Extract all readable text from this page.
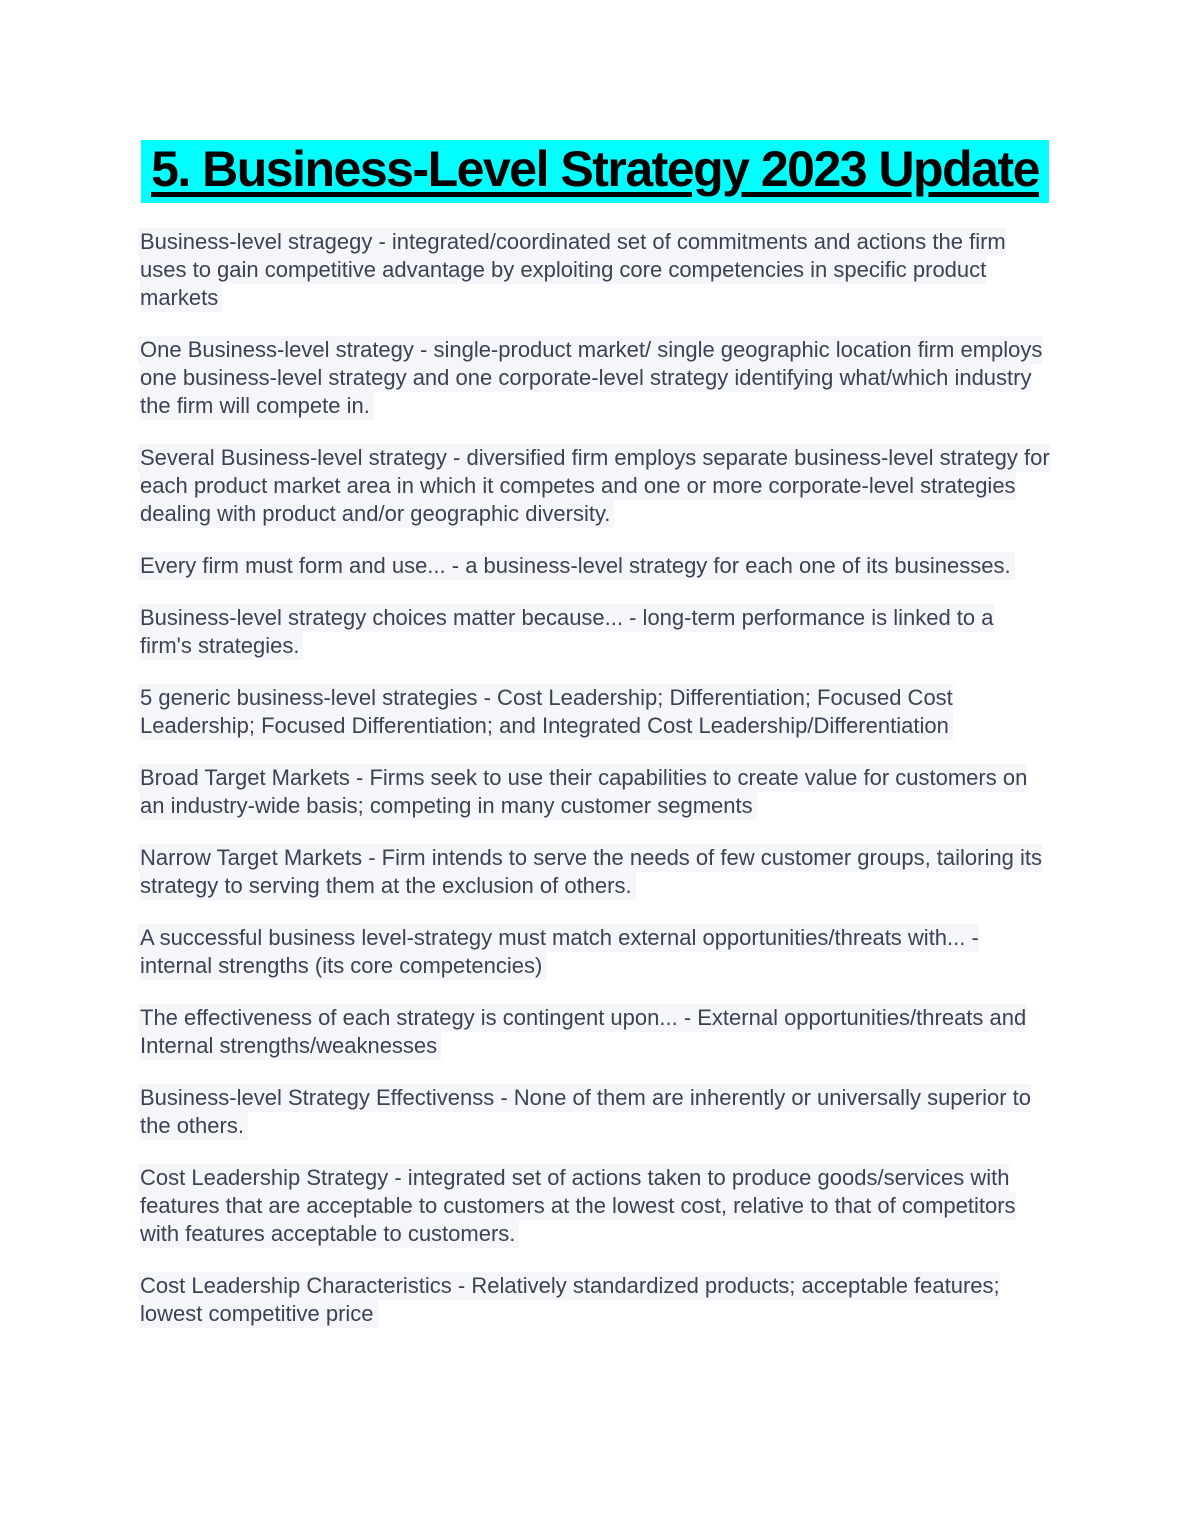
5. Business-Level Strategy 2023 Update

Business-level stragegy - integrated/coordinated set of commitments and actions the firm uses to gain competitive advantage by exploiting core competencies in specific product markets

One Business-level strategy - single-product market/ single geographic location firm employs one business-level strategy and one corporate-level strategy identifying what/which industry the firm will compete in.

Several Business-level strategy - diversified firm employs separate business-level strategy for each product market area in which it competes and one or more corporate-level strategies dealing with product and/or geographic diversity.

Every firm must form and use... - a business-level strategy for each one of its businesses.

Business-level strategy choices matter because... - long-term performance is linked to a firm's strategies.

5 generic business-level strategies - Cost Leadership; Differentiation; Focused Cost Leadership; Focused Differentiation; and Integrated Cost Leadership/Differentiation

Broad Target Markets - Firms seek to use their capabilities to create value for customers on an industry-wide basis; competing in many customer segments

Narrow Target Markets - Firm intends to serve the needs of few customer groups, tailoring its strategy to serving them at the exclusion of others.

A successful business level-strategy must match external opportunities/threats with... - internal strengths (its core competencies)

The effectiveness of each strategy is contingent upon... - External opportunities/threats and Internal strengths/weaknesses

Business-level Strategy Effectivenss - None of them are inherently or universally superior to the others.

Cost Leadership Strategy - integrated set of actions taken to produce goods/services with features that are acceptable to customers at the lowest cost, relative to that of competitors with features acceptable to customers.

Cost Leadership Characteristics - Relatively standardized products; acceptable features; lowest competitive price
